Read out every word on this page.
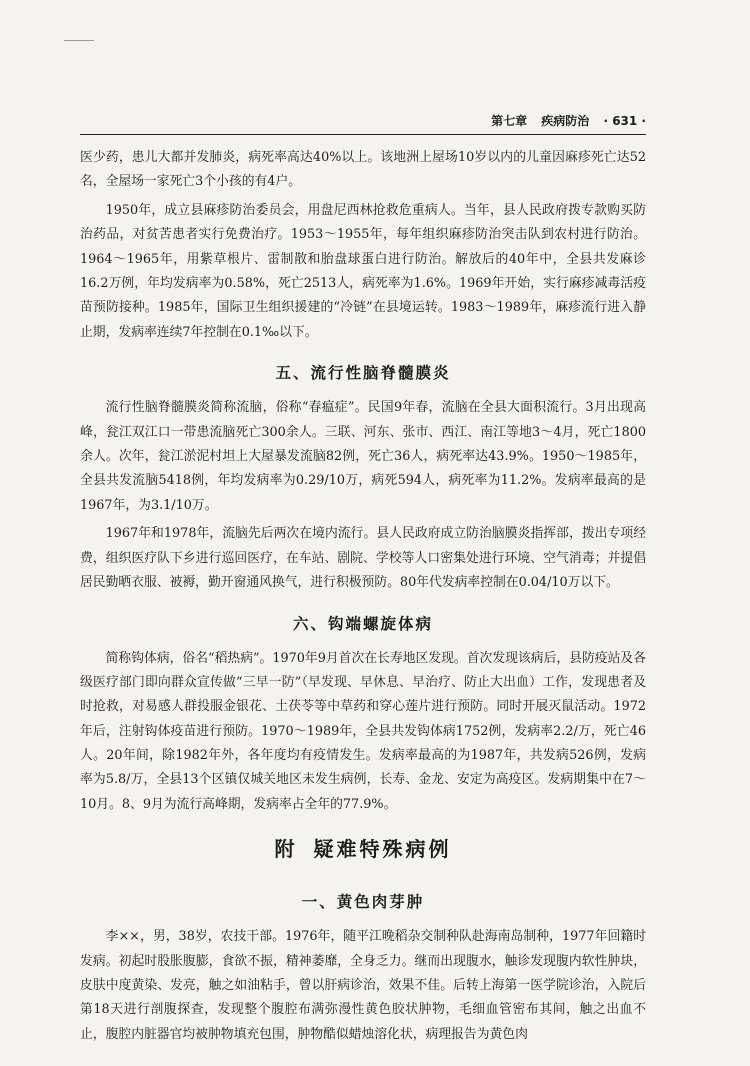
第七章 疾病防治 · 631 ·

医少药，患儿大都并发肺炎，病死率高达40%以上。该地洲上屋场10岁以内的儿童因麻疹死亡达52名，全屋场一家死亡3个小孩的有4户。

1950年，成立县麻疹防治委员会，用盘尼西林抢救危重病人。当年，县人民政府拨专款购买防治药品，对贫苦患者实行免费治疗。1953～1955年，每年组织麻疹防治突击队到农村进行防治。1964～1965年，用紫草根片、雷制散和胎盘球蛋白进行防治。解放后的40年中，全县共发麻诊16.2万例，年均发病率为0.58%，死亡2513人，病死率为1.6%。1969年开始，实行麻疹减毒活疫苗预防接种。1985年，国际卫生组织援建的“冷链”在县境运转。1983～1989年，麻疹流行进入静止期，发病率连续7年控制在0.1‰以下。

五、流行性脑脊髓膜炎

流行性脑脊髓膜炎简称流脑，俗称“春瘟症”。民国9年春，流脑在全县大面积流行。3月出现高峰，瓮江双江口一带患流脑死亡300余人。三联、河东、张市、西江、南江等地3～4月，死亡1800余人。次年，瓮江淤泥村坦上大屋暴发流脑82例，死亡36人，病死率达43.9%。1950～1985年，全县共发流脑5418例，年均发病率为0.29/10万，病死594人，病死率为11.2%。发病率最高的是1967年，为3.1/10万。

1967年和1978年，流脑先后两次在境内流行。县人民政府成立防治脑膜炎指挥部，拨出专项经费，组织医疗队下乡进行巡回医疗，在车站、剧院、学校等人口密集处进行环境、空气消毒；并提倡居民勤晒衣服、被褥，勤开窗通风换气，进行积极预防。80年代发病率控制在0.04/10万以下。

六、钩端螺旋体病

简称钩体病，俗名“稻热病”。1970年9月首次在长寿地区发现。首次发现该病后，县防疫站及各级医疗部门即向群众宣传做“三早一防”（早发现、早休息、早治疗、防止大出血）工作，发现患者及时抢救，对易感人群投服金银花、土茯苓等中草药和穿心莲片进行预防。同时开展灭鼠活动。1972年后，注射钩体疫苗进行预防。1970～1989年，全县共发钩体病1752例，发病率2.2/万，死亡46人。20年间，除1982年外，各年度均有疫情发生。发病率最高的为1987年，共发病526例，发病率为5.8/万，全县13个区镇仅城关地区未发生病例，长寿、金龙、安定为高疫区。发病期集中在7～10月。8、9月为流行高峰期，发病率占全年的77.9%。

附 疑难特殊病例
一、黄色肉芽肿

李××，男，38岁，农技干部。1976年，随平江晚稻杂交制种队赴海南岛制种，1977年回籍时发病。初起时股胀腹膨，食欲不振，精神萎靡，全身乏力。继而出现腹水，触诊发现腹内软性肿块，皮肤中度黄染、发亮，触之如油粘手，曾以肝病诊治，效果不佳。后转上海第一医学院诊治，入院后第18天进行剖腹探查，发现整个腹腔布满弥漫性黄色胶状肿物，毛细血管密布其间，触之出血不止，腹腔内脏器官均被肿物填充包围，肿物酷似蜡烛溶化状，病理报告为黄色肉
